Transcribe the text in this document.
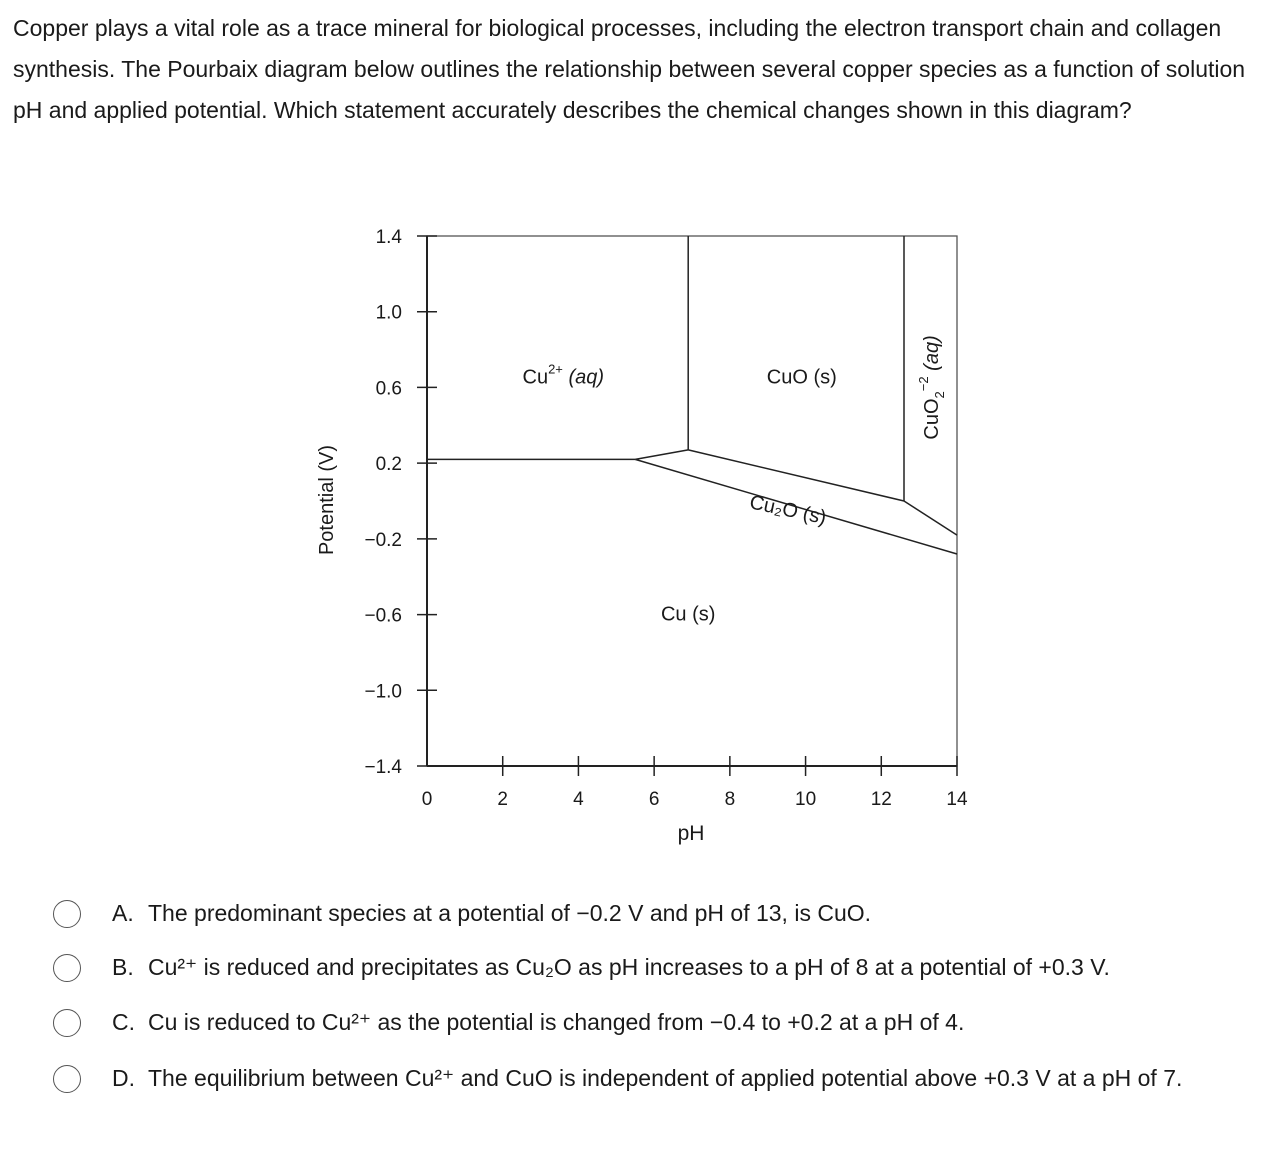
Copper plays a vital role as a trace mineral for biological processes, including the electron transport chain and collagen synthesis. The Pourbaix diagram below outlines the relationship between several copper species as a function of solution pH and applied potential. Which statement accurately describes the chemical changes shown in this diagram?

Potential (V)
pH
1.4
1.0
0.6
0.2
−0.2
−0.6
−1.0
−1.4
0	2	4	6	8	10	12	14
$Cu^{2+}$ (aq)	CuO (s)
Cu₂O (s)
CuO$_2^{-2}$ (aq)
Cu (s)
A. The predominant species at a potential of −0.2 V and pH of 13, is CuO.
B. Cu²⁺ is reduced and precipitates as Cu₂O as pH increases to a pH of 8 at a potential of +0.3 V.
C. Cu is reduced to Cu²⁺ as the potential is changed from −0.4 to +0.2 at a pH of 4.
D. The equilibrium between Cu²⁺ and CuO is independent of applied potential above +0.3 V at a pH of 7.
